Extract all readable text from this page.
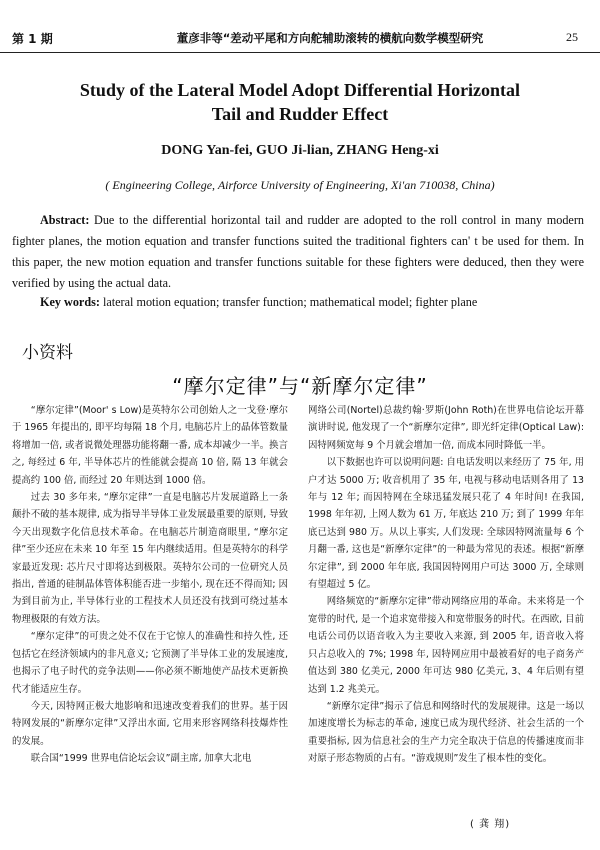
第 1 期	董彦非等“差动平尾和方向舵辅助滚转的横航向数学模型研究	25
Study of the Lateral Model Adopt Differential Horizontal
Tail and Rudder Effect
DONG Yan-fei, GUO Ji-lian, ZHANG Heng-xi
( Engineering College, Airforce University of Engineering, Xi'an 710038, China)

Abstract: Due to the differential horizontal tail and rudder are adopted to the roll control in many modern fighter planes, the motion equation and transfer functions suited the traditional fighters can' t be used for them. In this paper, the new motion equation and transfer functions suitable for these fighters were deduced, then they were verified by using the actual data.

Key words: lateral motion equation; transfer function; mathematical model; fighter plane

小资料
“摩尔定律”与“新摩尔定律”

“摩尔定律”(Moor' s Low)是英特尔公司创始人之一戈登·摩尔于 1965 年提出的, 即平均每隔 18 个月, 电脑芯片上的晶体管数量将增加一倍, 或者说微处理器功能将翻一番, 成本却减少一半。换言之, 每经过 6 年, 半导体芯片的性能就会提高 10 倍, 隔 13 年就会提高约 100 倍, 而经过 20 年则达到 1000 倍。

过去 30 多年来, “摩尔定律”一直是电脑芯片发展道路上一条颠扑不破的基本规律, 成为指导半导体工业发展最重要的原则, 导致今天出现数字化信息技术革命。在电脑芯片制造商眼里, “摩尔定律”至少还应在未来 10 年至 15 年内继续适用。但是英特尔的科学家最近发现: 芯片尺寸即将达到极限。英特尔公司的一位研究人员指出, 普通的硅制晶体管体积能否进一步缩小, 现在还不得而知; 因为到目前为止, 半导体行业的工程技术人员还没有找到可绕过基本物理极限的有效方法。

“摩尔定律”的可贵之处不仅在于它惊人的准确性和持久性, 还包括它在经济领域内的非凡意义; 它预测了半导体工业的发展速度, 也揭示了电子时代的竞争法则——你必须不断地使产品技术更新换代才能适应生存。

今天, 因特网正极大地影响和迅速改变着我们的世界。基于因特网发展的“新摩尔定律”又浮出水面, 它用来形容网络科技爆炸性的发展。

联合国“1999 世界电信论坛会议”副主席, 加拿大北电

网络公司(Nortel)总裁约翰·罗斯(John Roth)在世界电信论坛开幕演讲时说, 他发现了一个“新摩尔定律”, 即光纤定律(Optical Law): 因特网频宽每 9 个月就会增加一倍, 而成本同时降低一半。

以下数据也许可以说明问题: 自电话发明以来经历了 75 年, 用户才达 5000 万; 收音机用了 35 年, 电视与移动电话则各用了 13 年与 12 年; 而因特网在全球迅猛发展只花了 4 年时间! 在我国, 1998 年年初, 上网人数为 61 万, 年底达 210 万; 到了 1999 年年底已达到 980 万。从以上事实, 人们发现: 全球因特网流量每 6 个月翻一番, 这也是“新摩尔定律”的一种最为常见的表述。根据“新摩尔定律”, 到 2000 年年底, 我国因特网用户可达 3000 万, 全球则有望超过 5 亿。

网络频宽的“新摩尔定律”带动网络应用的革命。未来将是一个宽带的时代, 是一个追求宽带接入和宽带服务的时代。在西欧, 目前电话公司仍以语音收入为主要收入来源, 到 2005 年, 语音收入将只占总收入的 7%; 1998 年, 因特网应用中最被看好的电子商务产值达到 380 亿美元, 2000 年可达 980 亿美元, 3、4 年后则有望达到 1.2 兆美元。

“新摩尔定律”揭示了信息和网络时代的发展规律。这是一场以加速度增长为标志的革命, 速度已成为现代经济、社会生活的一个重要指标, 因为信息社会的生产力完全取决于信息的传播速度而非对原子形态物质的占有。“游戏规则”发生了根本性的变化。

( 龚 翔)
